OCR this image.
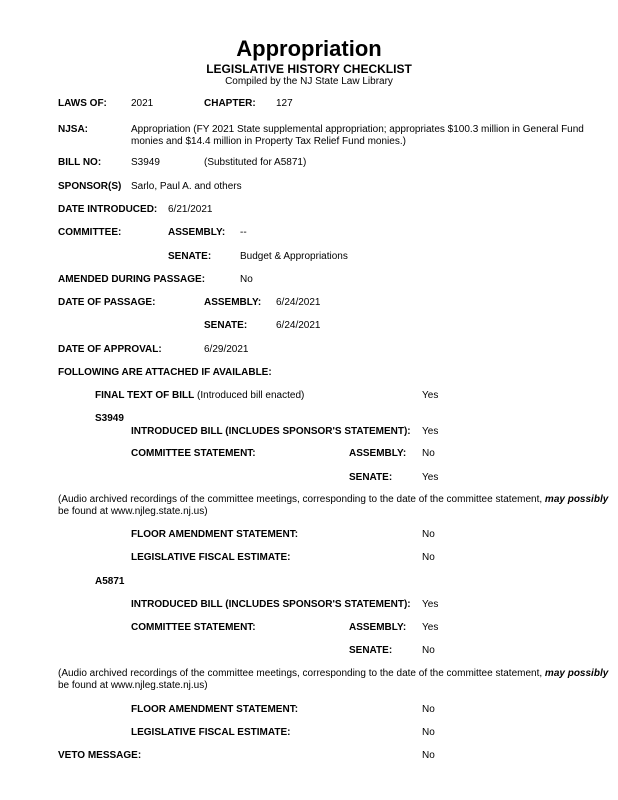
Appropriation
LEGISLATIVE HISTORY CHECKLIST
Compiled by the NJ State Law Library
LAWS OF: 2021	CHAPTER: 127
NJSA:	Appropriation (FY 2021 State supplemental appropriation; appropriates $100.3 million in General Fund
monies and $14.4 million in Property Tax Relief Fund monies.)
BILL NO:	S3949	(Substituted for A5871)
SPONSOR(S) Sarlo, Paul A. and others
DATE INTRODUCED: 6/21/2021
COMMITTEE:	ASSEMBLY: --
SENATE:	Budget & Appropriations
AMENDED DURING PASSAGE:	No
DATE OF PASSAGE:	ASSEMBLY: 6/24/2021
SENATE:	6/24/2021
DATE OF APPROVAL:	6/29/2021
FOLLOWING ARE ATTACHED IF AVAILABLE:
FINAL TEXT OF BILL (Introduced bill enacted)	Yes
S3949
INTRODUCED BILL (INCLUDES SPONSOR'S STATEMENT): Yes
COMMITTEE STATEMENT:	ASSEMBLY: No
SENATE:	Yes
(Audio archived recordings of the committee meetings, corresponding to the date of the committee statement, may possibly
be found at www.njleg.state.nj.us)
FLOOR AMENDMENT STATEMENT:	No
LEGISLATIVE FISCAL ESTIMATE:	No
A5871
INTRODUCED BILL (INCLUDES SPONSOR'S STATEMENT): Yes
COMMITTEE STATEMENT:	ASSEMBLY: Yes
SENATE:	No
(Audio archived recordings of the committee meetings, corresponding to the date of the committee statement, may possibly
be found at www.njleg.state.nj.us)
FLOOR AMENDMENT STATEMENT:	No
LEGISLATIVE FISCAL ESTIMATE:	No
VETO MESSAGE:	No
